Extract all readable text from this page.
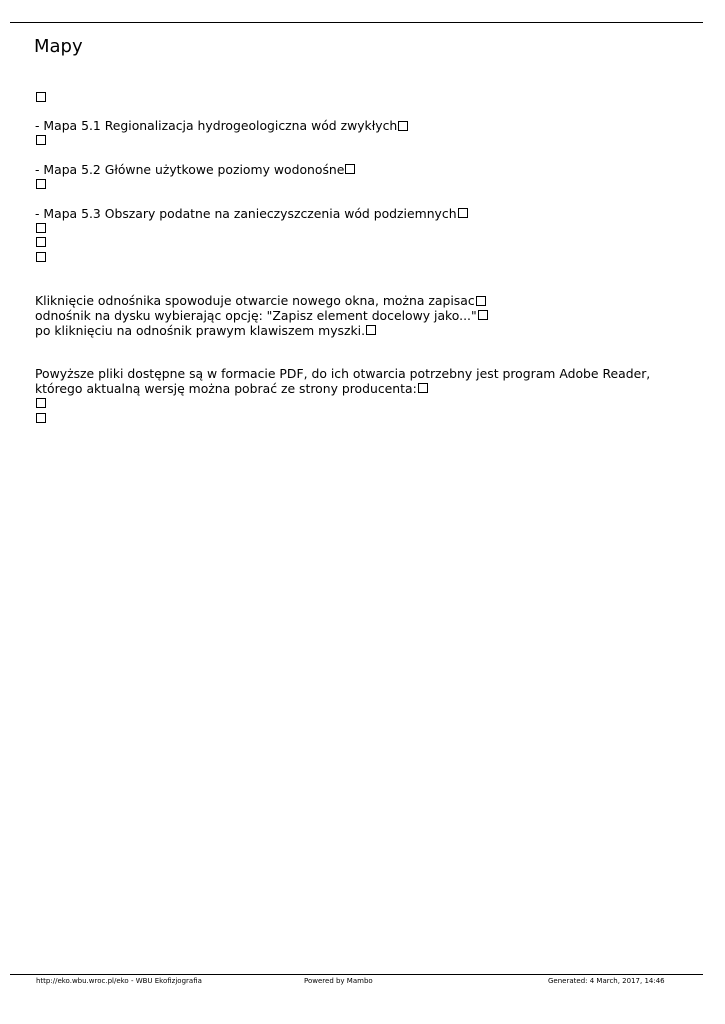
Mapy
- Mapa 5.1 Regionalizacja hydrogeologiczna wód zwykłych
- Mapa 5.2 Główne użytkowe poziomy wodonośne
- Mapa 5.3 Obszary podatne na zanieczyszczenia wód podziemnych
Kliknięcie odnośnika spowoduje otwarcie nowego okna, można zapisac
odnośnik na dysku wybierając opcję: "Zapisz element docelowy jako..."
po kliknięciu na odnośnik prawym klawiszem myszki.
Powyższe pliki dostępne są w formacie PDF, do ich otwarcia potrzebny jest program Adobe Reader,
którego aktualną wersję można pobrać ze strony producenta:
http://eko.wbu.wroc.pl/eko - WBU Ekofizjografia	Powered by Mambo	Generated: 4 March, 2017, 14:46
